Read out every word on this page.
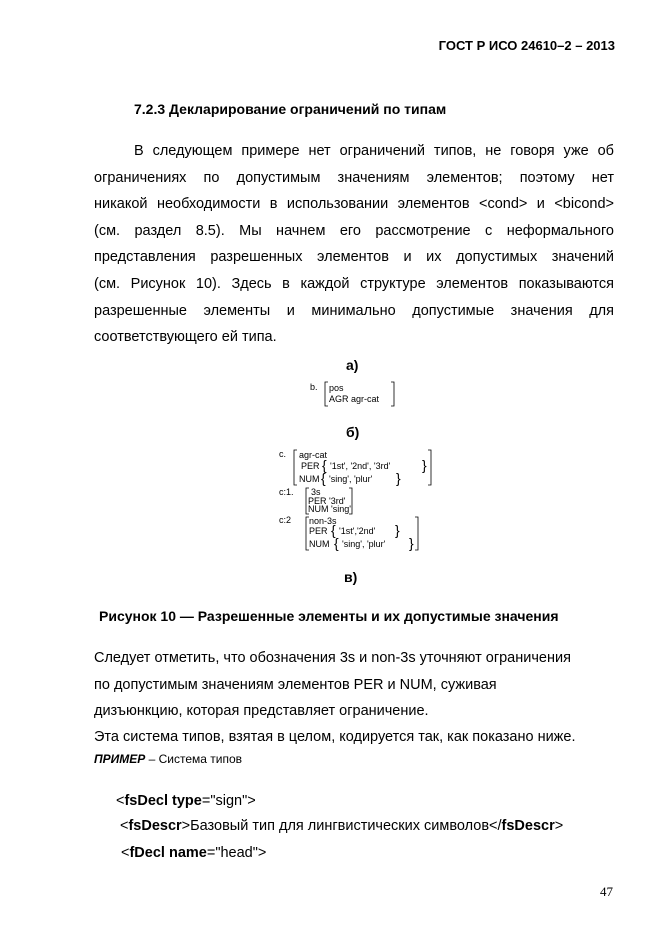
ГОСТ Р ИСО 24610–2 – 2013
7.2.3 Декларирование ограничений по типам
В следующем примере нет ограничений типов, не говоря уже об
ограничениях по допустимым значениям элементов; поэтому нет
никакой необходимости в использовании элементов <cond> и <bicond>
(см. раздел 8.5). Мы начнем его рассмотрение с неформального
представления разрешенных элементов и их допустимых значений
(см. Рисунок 10). Здесь в каждой структуре элементов показываются
разрешенные элементы и минимально допустимые значения для
соответствующего ей типа.
а)
b. pos
AGR agr-cat
б)
c. agr-cat
PER { '1st', '2nd', '3rd' }
NUM { 'sing', 'plur' }
c:1. 3s
PER '3rd'
NUM 'sing'
c:2 non-3s
PER { '1st','2nd' }
NUM { 'sing', 'plur' }
в)
Рисунок 10 — Разрешенные элементы и их допустимые значения
Следует отметить, что обозначения 3s и non-3s уточняют ограничения
по допустимым значениям элементов PER и NUM, суживая
дизъюнкцию, которая представляет ограничение.
Эта система типов, взятая в целом, кодируется так, как показано ниже.
ПРИМЕР – Система типов
<fsDecl type="sign">
<fsDescr>Базовый тип для лингвистических символов</fsDescr>
<fDecl name="head">
47
